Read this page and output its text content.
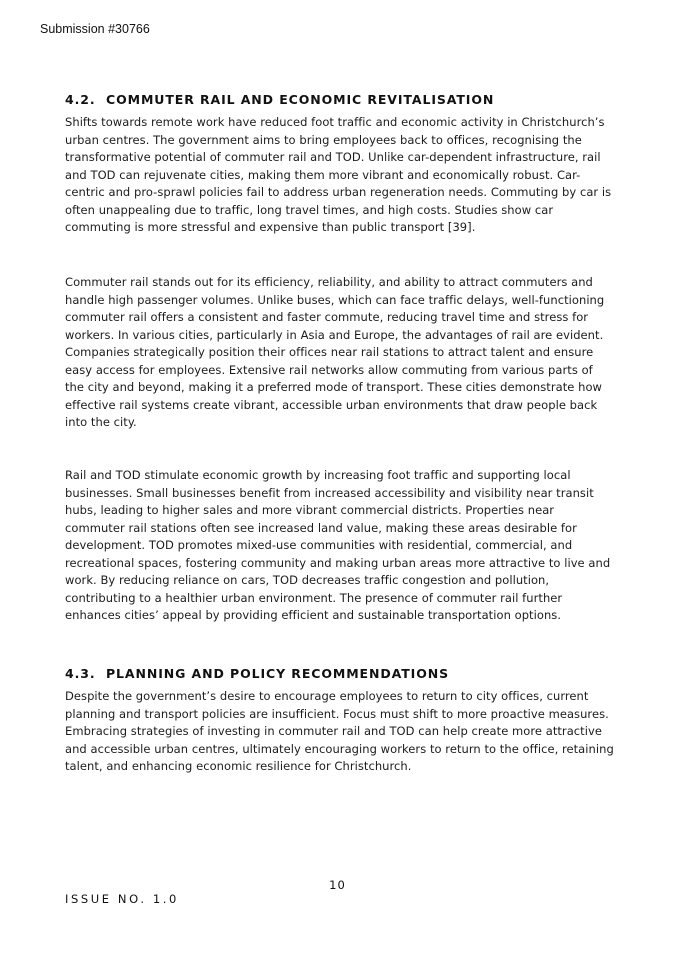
Submission #30766
4.2. COMMUTER RAIL AND ECONOMIC REVITALISATION

Shifts towards remote work have reduced foot traffic and economic activity in Christchurch’s urban centres. The government aims to bring employees back to offices, recognising the transformative potential of commuter rail and TOD. Unlike car-dependent infrastructure, rail and TOD can rejuvenate cities, making them more vibrant and economically robust. Car-centric and pro-sprawl policies fail to address urban regeneration needs. Commuting by car is often unappealing due to traffic, long travel times, and high costs. Studies show car commuting is more stressful and expensive than public transport [39].

Commuter rail stands out for its efficiency, reliability, and ability to attract commuters and handle high passenger volumes. Unlike buses, which can face traffic delays, well-functioning commuter rail offers a consistent and faster commute, reducing travel time and stress for workers. In various cities, particularly in Asia and Europe, the advantages of rail are evident. Companies strategically position their offices near rail stations to attract talent and ensure easy access for employees. Extensive rail networks allow commuting from various parts of the city and beyond, making it a preferred mode of transport. These cities demonstrate how effective rail systems create vibrant, accessible urban environments that draw people back into the city.

Rail and TOD stimulate economic growth by increasing foot traffic and supporting local businesses. Small businesses benefit from increased accessibility and visibility near transit hubs, leading to higher sales and more vibrant commercial districts. Properties near commuter rail stations often see increased land value, making these areas desirable for development. TOD promotes mixed-use communities with residential, commercial, and recreational spaces, fostering community and making urban areas more attractive to live and work. By reducing reliance on cars, TOD decreases traffic congestion and pollution, contributing to a healthier urban environment. The presence of commuter rail further enhances cities’ appeal by providing efficient and sustainable transportation options.

4.3. PLANNING AND POLICY RECOMMENDATIONS

Despite the government’s desire to encourage employees to return to city offices, current planning and transport policies are insufficient. Focus must shift to more proactive measures. Embracing strategies of investing in commuter rail and TOD can help create more attractive and accessible urban centres, ultimately encouraging workers to return to the office, retaining talent, and enhancing economic resilience for Christchurch.

10
ISSUE NO. 1.0
